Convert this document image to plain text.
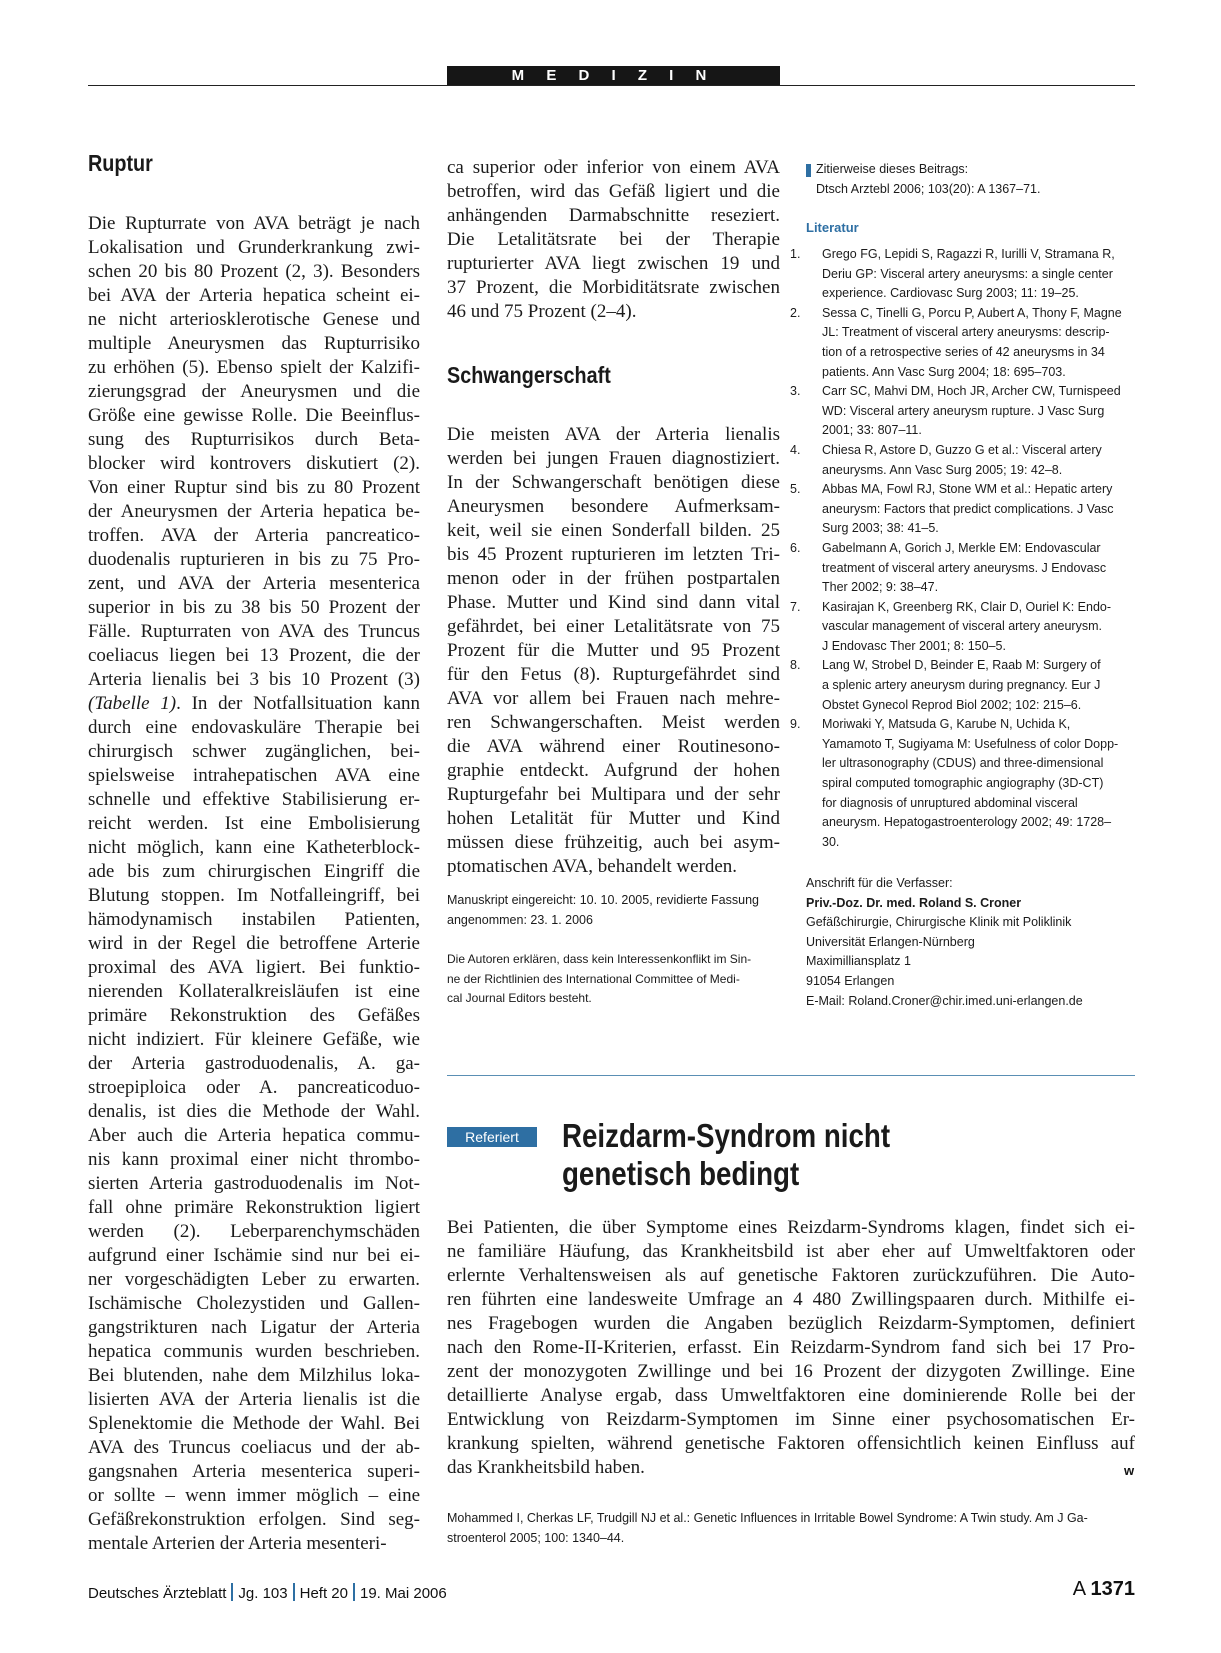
M E D I Z I N
Ruptur
Die Rupturrate von AVA beträgt je nach
Lokalisation und Grunderkrankung zwi-
schen 20 bis 80 Prozent (2, 3). Besonders
bei AVA der Arteria hepatica scheint ei-
ne nicht arteriosklerotische Genese und
multiple Aneurysmen das Rupturrisiko
zu erhöhen (5). Ebenso spielt der Kalzifi-
zierungsgrad der Aneurysmen und die
Größe eine gewisse Rolle. Die Beeinflus-
sung des Rupturrisikos durch Beta-
blocker wird kontrovers diskutiert (2).
Von einer Ruptur sind bis zu 80 Prozent
der Aneurysmen der Arteria hepatica be-
troffen. AVA der Arteria pancreatico-
duodenalis rupturieren in bis zu 75 Pro-
zent, und AVA der Arteria mesenterica
superior in bis zu 38 bis 50 Prozent der
Fälle. Rupturraten von AVA des Truncus
coeliacus liegen bei 13 Prozent, die der
Arteria lienalis bei 3 bis 10 Prozent (3)
(Tabelle 1). In der Notfallsituation kann
durch eine endovaskuläre Therapie bei
chirurgisch schwer zugänglichen, bei-
spielsweise intrahepatischen AVA eine
schnelle und effektive Stabilisierung er-
reicht werden. Ist eine Embolisierung
nicht möglich, kann eine Katheterblock-
ade bis zum chirurgischen Eingriff die
Blutung stoppen. Im Notfalleingriff, bei
hämodynamisch instabilen Patienten,
wird in der Regel die betroffene Arterie
proximal des AVA ligiert. Bei funktio-
nierenden Kollateralkreisläufen ist eine
primäre Rekonstruktion des Gefäßes
nicht indiziert. Für kleinere Gefäße, wie
der Arteria gastroduodenalis, A. ga-
stroepiploica oder A. pancreaticoduo-
denalis, ist dies die Methode der Wahl.
Aber auch die Arteria hepatica commu-
nis kann proximal einer nicht thrombo-
sierten Arteria gastroduodenalis im Not-
fall ohne primäre Rekonstruktion ligiert
werden (2). Leberparenchymschäden
aufgrund einer Ischämie sind nur bei ei-
ner vorgeschädigten Leber zu erwarten.
Ischämische Cholezystiden und Gallen-
gangstrikturen nach Ligatur der Arteria
hepatica communis wurden beschrieben.
Bei blutenden, nahe dem Milzhilus loka-
lisierten AVA der Arteria lienalis ist die
Splenektomie die Methode der Wahl. Bei
AVA des Truncus coeliacus und der ab-
gangsnahen Arteria mesenterica superi-
or sollte – wenn immer möglich – eine
Gefäßrekonstruktion erfolgen. Sind seg-
mentale Arterien der Arteria mesenteri-
ca superior oder inferior von einem AVA
betroffen, wird das Gefäß ligiert und die
anhängenden Darmabschnitte reseziert.
Die Letalitätsrate bei der Therapie
rupturierter AVA liegt zwischen 19 und
37 Prozent, die Morbiditätsrate zwischen
46 und 75 Prozent (2–4).
Schwangerschaft
Die meisten AVA der Arteria lienalis
werden bei jungen Frauen diagnostiziert.
In der Schwangerschaft benötigen diese
Aneurysmen besondere Aufmerksam-
keit, weil sie einen Sonderfall bilden. 25
bis 45 Prozent rupturieren im letzten Tri-
menon oder in der frühen postpartalen
Phase. Mutter und Kind sind dann vital
gefährdet, bei einer Letalitätsrate von 75
Prozent für die Mutter und 95 Prozent
für den Fetus (8). Rupturgefährdet sind
AVA vor allem bei Frauen nach mehre-
ren Schwangerschaften. Meist werden
die AVA während einer Routinesono-
graphie entdeckt. Aufgrund der hohen
Rupturgefahr bei Multipara und der sehr
hohen Letalität für Mutter und Kind
müssen diese frühzeitig, auch bei asym-
ptomatischen AVA, behandelt werden.
Manuskript eingereicht: 10. 10. 2005, revidierte Fassung
angenommen: 23. 1. 2006
Die Autoren erklären, dass kein Interessenkonflikt im Sin-
ne der Richtlinien des International Committee of Medi-
cal Journal Editors besteht.
Zitierweise dieses Beitrags:
Dtsch Arztebl 2006; 103(20): A 1367–71.
Literatur
1. Grego FG, Lepidi S, Ragazzi R, Iurilli V, Stramana R,
Deriu GP: Visceral artery aneurysms: a single center
experience. Cardiovasc Surg 2003; 11: 19–25.
2. Sessa C, Tinelli G, Porcu P, Aubert A, Thony F, Magne
JL: Treatment of visceral artery aneurysms: descrip-
tion of a retrospective series of 42 aneurysms in 34
patients. Ann Vasc Surg 2004; 18: 695–703.
3. Carr SC, Mahvi DM, Hoch JR, Archer CW, Turnispeed
WD: Visceral artery aneurysm rupture. J Vasc Surg
2001; 33: 807–11.
4. Chiesa R, Astore D, Guzzo G et al.: Visceral artery
aneurysms. Ann Vasc Surg 2005; 19: 42–8.
5. Abbas MA, Fowl RJ, Stone WM et al.: Hepatic artery
aneurysm: Factors that predict complications. J Vasc
Surg 2003; 38: 41–5.
6. Gabelmann A, Gorich J, Merkle EM: Endovascular
treatment of visceral artery aneurysms. J Endovasc
Ther 2002; 9: 38–47.
7. Kasirajan K, Greenberg RK, Clair D, Ouriel K: Endo-
vascular management of visceral artery aneurysm.
J Endovasc Ther 2001; 8: 150–5.
8. Lang W, Strobel D, Beinder E, Raab M: Surgery of
a splenic artery aneurysm during pregnancy. Eur J
Obstet Gynecol Reprod Biol 2002; 102: 215–6.
9. Moriwaki Y, Matsuda G, Karube N, Uchida K,
Yamamoto T, Sugiyama M: Usefulness of color Dopp-
ler ultrasonography (CDUS) and three-dimensional
spiral computed tomographic angiography (3D-CT)
for diagnosis of unruptured abdominal visceral
aneurysm. Hepatogastroenterology 2002; 49: 1728–
30.
Anschrift für die Verfasser:
Priv.-Doz. Dr. med. Roland S. Croner
Gefäßchirurgie, Chirurgische Klinik mit Poliklinik
Universität Erlangen-Nürnberg
Maximilliansplatz 1
91054 Erlangen
E-Mail: Roland.Croner@chir.imed.uni-erlangen.de
Referiert	Reizdarm-Syndrom nicht
genetisch bedingt
Bei Patienten, die über Symptome eines Reizdarm-Syndroms klagen, findet sich ei-
ne familiäre Häufung, das Krankheitsbild ist aber eher auf Umweltfaktoren oder
erlernte Verhaltensweisen als auf genetische Faktoren zurückzuführen. Die Auto-
ren führten eine landesweite Umfrage an 4 480 Zwillingspaaren durch. Mithilfe ei-
nes Fragebogen wurden die Angaben bezüglich Reizdarm-Symptomen, definiert
nach den Rome-II-Kriterien, erfasst. Ein Reizdarm-Syndrom fand sich bei 17 Pro-
zent der monozygoten Zwillinge und bei 16 Prozent der dizygoten Zwillinge. Eine
detaillierte Analyse ergab, dass Umweltfaktoren eine dominierende Rolle bei der
Entwicklung von Reizdarm-Symptomen im Sinne einer psychosomatischen Er-
krankung spielten, während genetische Faktoren offensichtlich keinen Einfluss auf
das Krankheitsbild haben.	w
Mohammed I, Cherkas LF, Trudgill NJ et al.: Genetic Influences in Irritable Bowel Syndrome: A Twin study. Am J Ga-
stroenterol 2005; 100: 1340–44.
Deutsches Ärzteblatt Jg. 103 Heft 20 19. Mai 2006	A 1371
